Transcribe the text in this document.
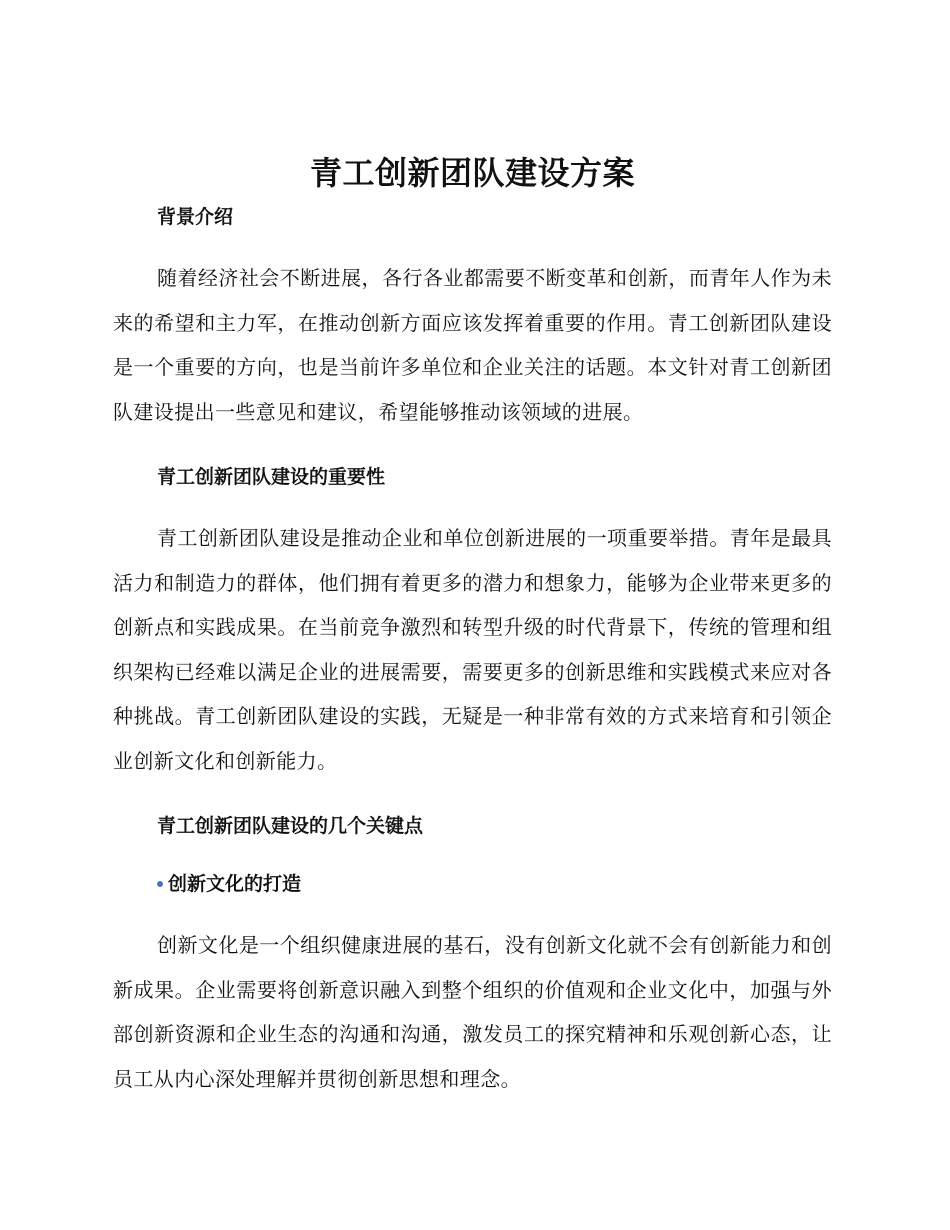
青工创新团队建设方案
背景介绍

随着经济社会不断进展，各行各业都需要不断变革和创新，而青年人作为未来的希望和主力军，在推动创新方面应该发挥着重要的作用。青工创新团队建设是一个重要的方向，也是当前许多单位和企业关注的话题。本文针对青工创新团队建设提出一些意见和建议，希望能够推动该领域的进展。

青工创新团队建设的重要性

青工创新团队建设是推动企业和单位创新进展的一项重要举措。青年是最具活力和制造力的群体，他们拥有着更多的潜力和想象力，能够为企业带来更多的创新点和实践成果。在当前竞争激烈和转型升级的时代背景下，传统的管理和组织架构已经难以满足企业的进展需要，需要更多的创新思维和实践模式来应对各种挑战。青工创新团队建设的实践，无疑是一种非常有效的方式来培育和引领企业创新文化和创新能力。

青工创新团队建设的几个关键点
创新文化的打造

创新文化是一个组织健康进展的基石，没有创新文化就不会有创新能力和创新成果。企业需要将创新意识融入到整个组织的价值观和企业文化中，加强与外部创新资源和企业生态的沟通和沟通，激发员工的探究精神和乐观创新心态，让员工从内心深处理解并贯彻创新思想和理念。
